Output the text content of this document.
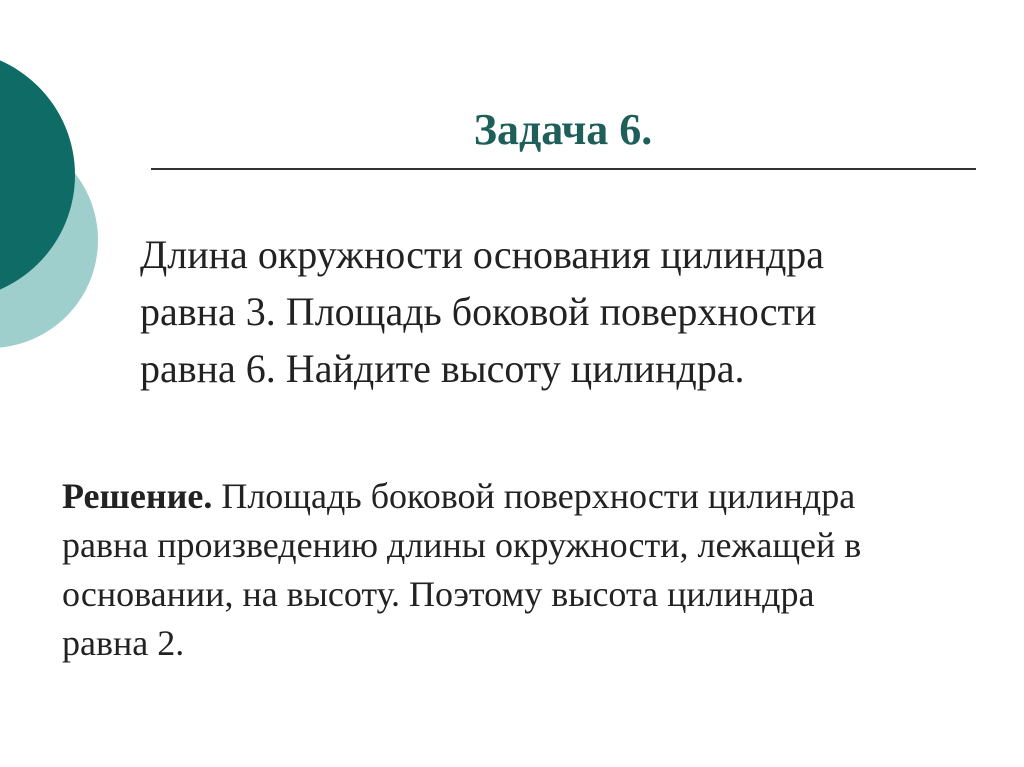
Задача 6.
Длина окружности основания цилиндра
равна 3. Площадь боковой поверхности
равна 6. Найдите высоту цилиндра.
Решение. Площадь боковой поверхности цилиндра
равна произведению длины окружности, лежащей в
основании, на высоту. Поэтому высота цилиндра
равна 2.
